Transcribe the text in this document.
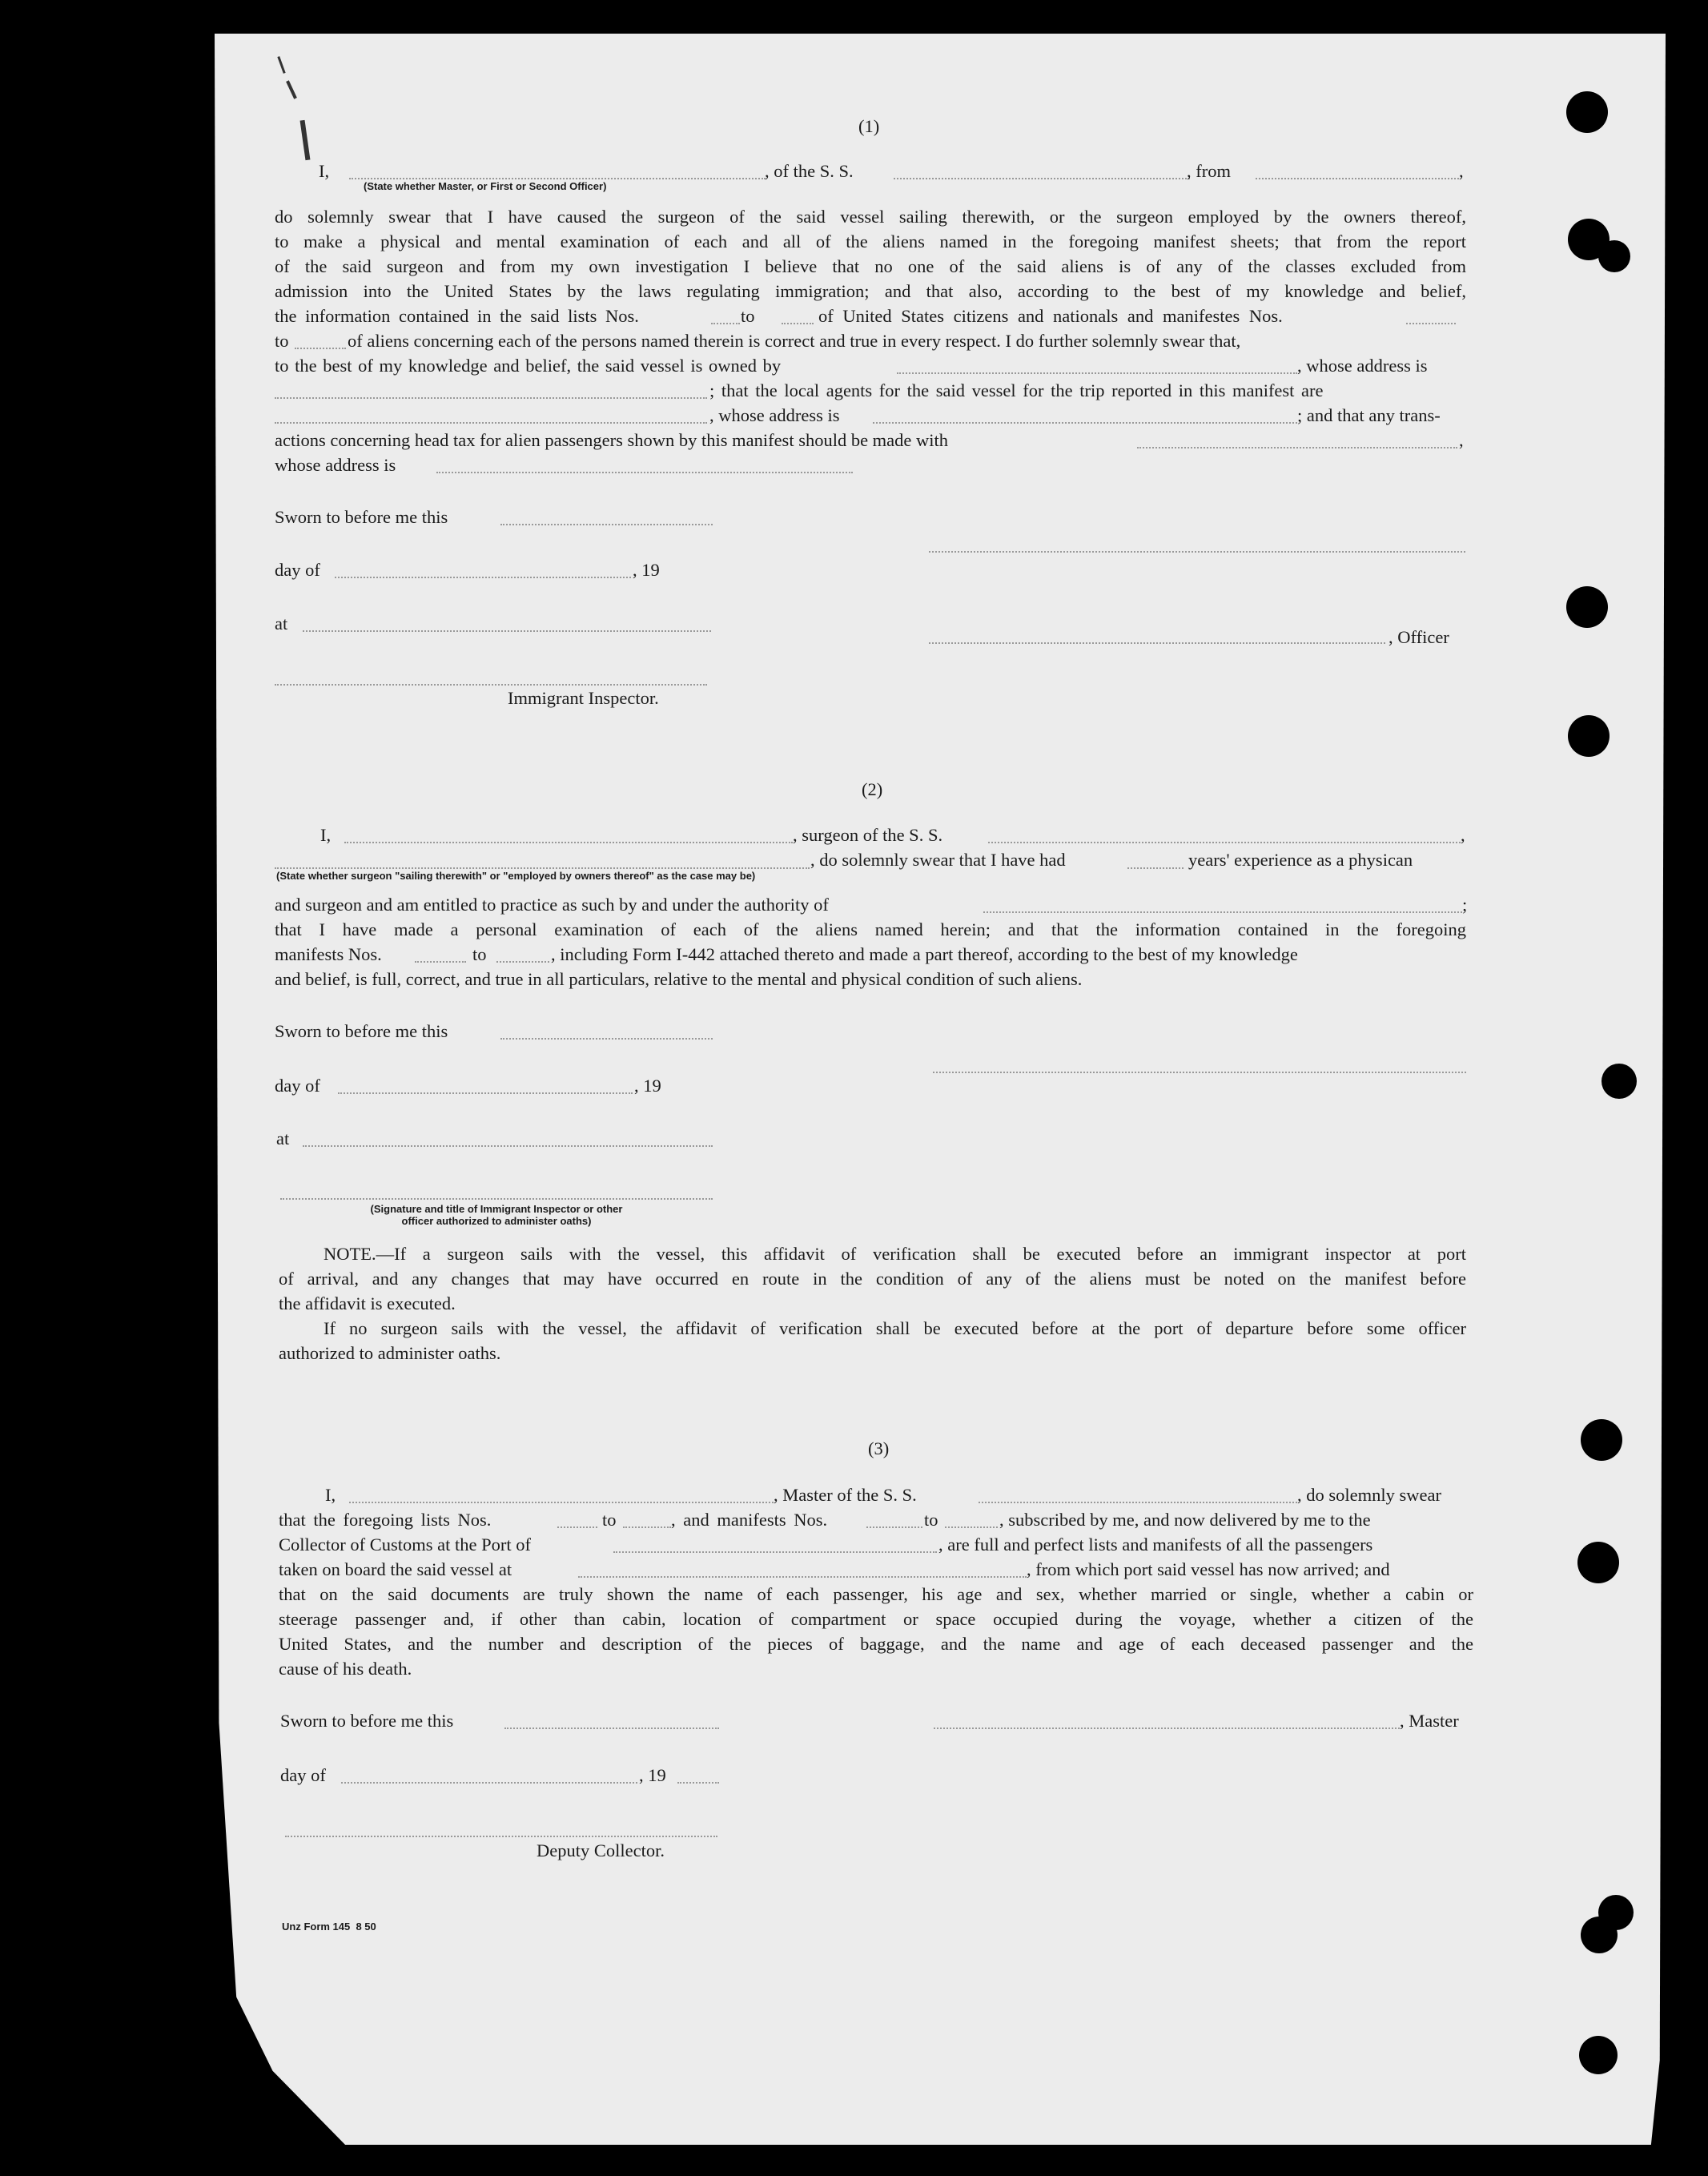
(1)
I,	, of the S. S.	, from	,
(State whether Master, or First or Second Officer)
do solemnly swear that I have caused the surgeon of the said vessel sailing therewith, or the surgeon employed by the owners thereof,
to make a physical and mental examination of each and all of the aliens named in the foregoing manifest sheets; that from the report
of the said surgeon and from my own investigation I believe that no one of the said aliens is of any of the classes excluded from
admission into the United States by the laws regulating immigration; and that also, according to the best of my knowledge and belief,
the information contained in the said lists Nos.	to	of United States citizens and nationals and manifestes Nos.
to	of aliens concerning each of the persons named therein is correct and true in every respect. I do further solemnly swear that,
to the best of my knowledge and belief, the said vessel is owned by	, whose address is
; that the local agents for the said vessel for the trip reported in this manifest are
, whose address is	; and that any trans-
actions concerning head tax for alien passengers shown by this manifest should be made with	,
whose address is
Sworn to before me this
day of	, 19
at
, Officer
Immigrant Inspector.
(2)
I,	, surgeon of the S. S.	,
, do solemnly swear that I have had	years' experience as a physican
(State whether surgeon "sailing therewith" or "employed by owners thereof" as the case may be)
and surgeon and am entitled to practice as such by and under the authority of	;
that I have made a personal examination of each of the aliens named herein; and that the information contained in the foregoing
manifests Nos.	to	, including Form I-442 attached thereto and made a part thereof, according to the best of my knowledge
and belief, is full, correct, and true in all particulars, relative to the mental and physical condition of such aliens.
Sworn to before me this
day of	, 19
at
(Signature and title of Immigrant Inspector or other
officer authorized to administer oaths)
NOTE.—If a surgeon sails with the vessel, this affidavit of verification shall be executed before an immigrant inspector at port
of arrival, and any changes that may have occurred en route in the condition of any of the aliens must be noted on the manifest before
the affidavit is executed.
If no surgeon sails with the vessel, the affidavit of verification shall be executed before at the port of departure before some officer
authorized to administer oaths.
(3)
I,	, Master of the S. S.	, do solemnly swear
that the foregoing lists Nos.	to	, and manifests Nos.	to	, subscribed by me, and now delivered by me to the
Collector of Customs at the Port of	, are full and perfect lists and manifests of all the passengers
taken on board the said vessel at	, from which port said vessel has now arrived; and
that on the said documents are truly shown the name of each passenger, his age and sex, whether married or single, whether a cabin or
steerage passenger and, if other than cabin, location of compartment or space occupied during the voyage, whether a citizen of the
United States, and the number and description of the pieces of baggage, and the name and age of each deceased passenger and the
cause of his death.
Sworn to before me this	, Master
day of	, 19
Deputy Collector.
Unz Form 145  8 50
